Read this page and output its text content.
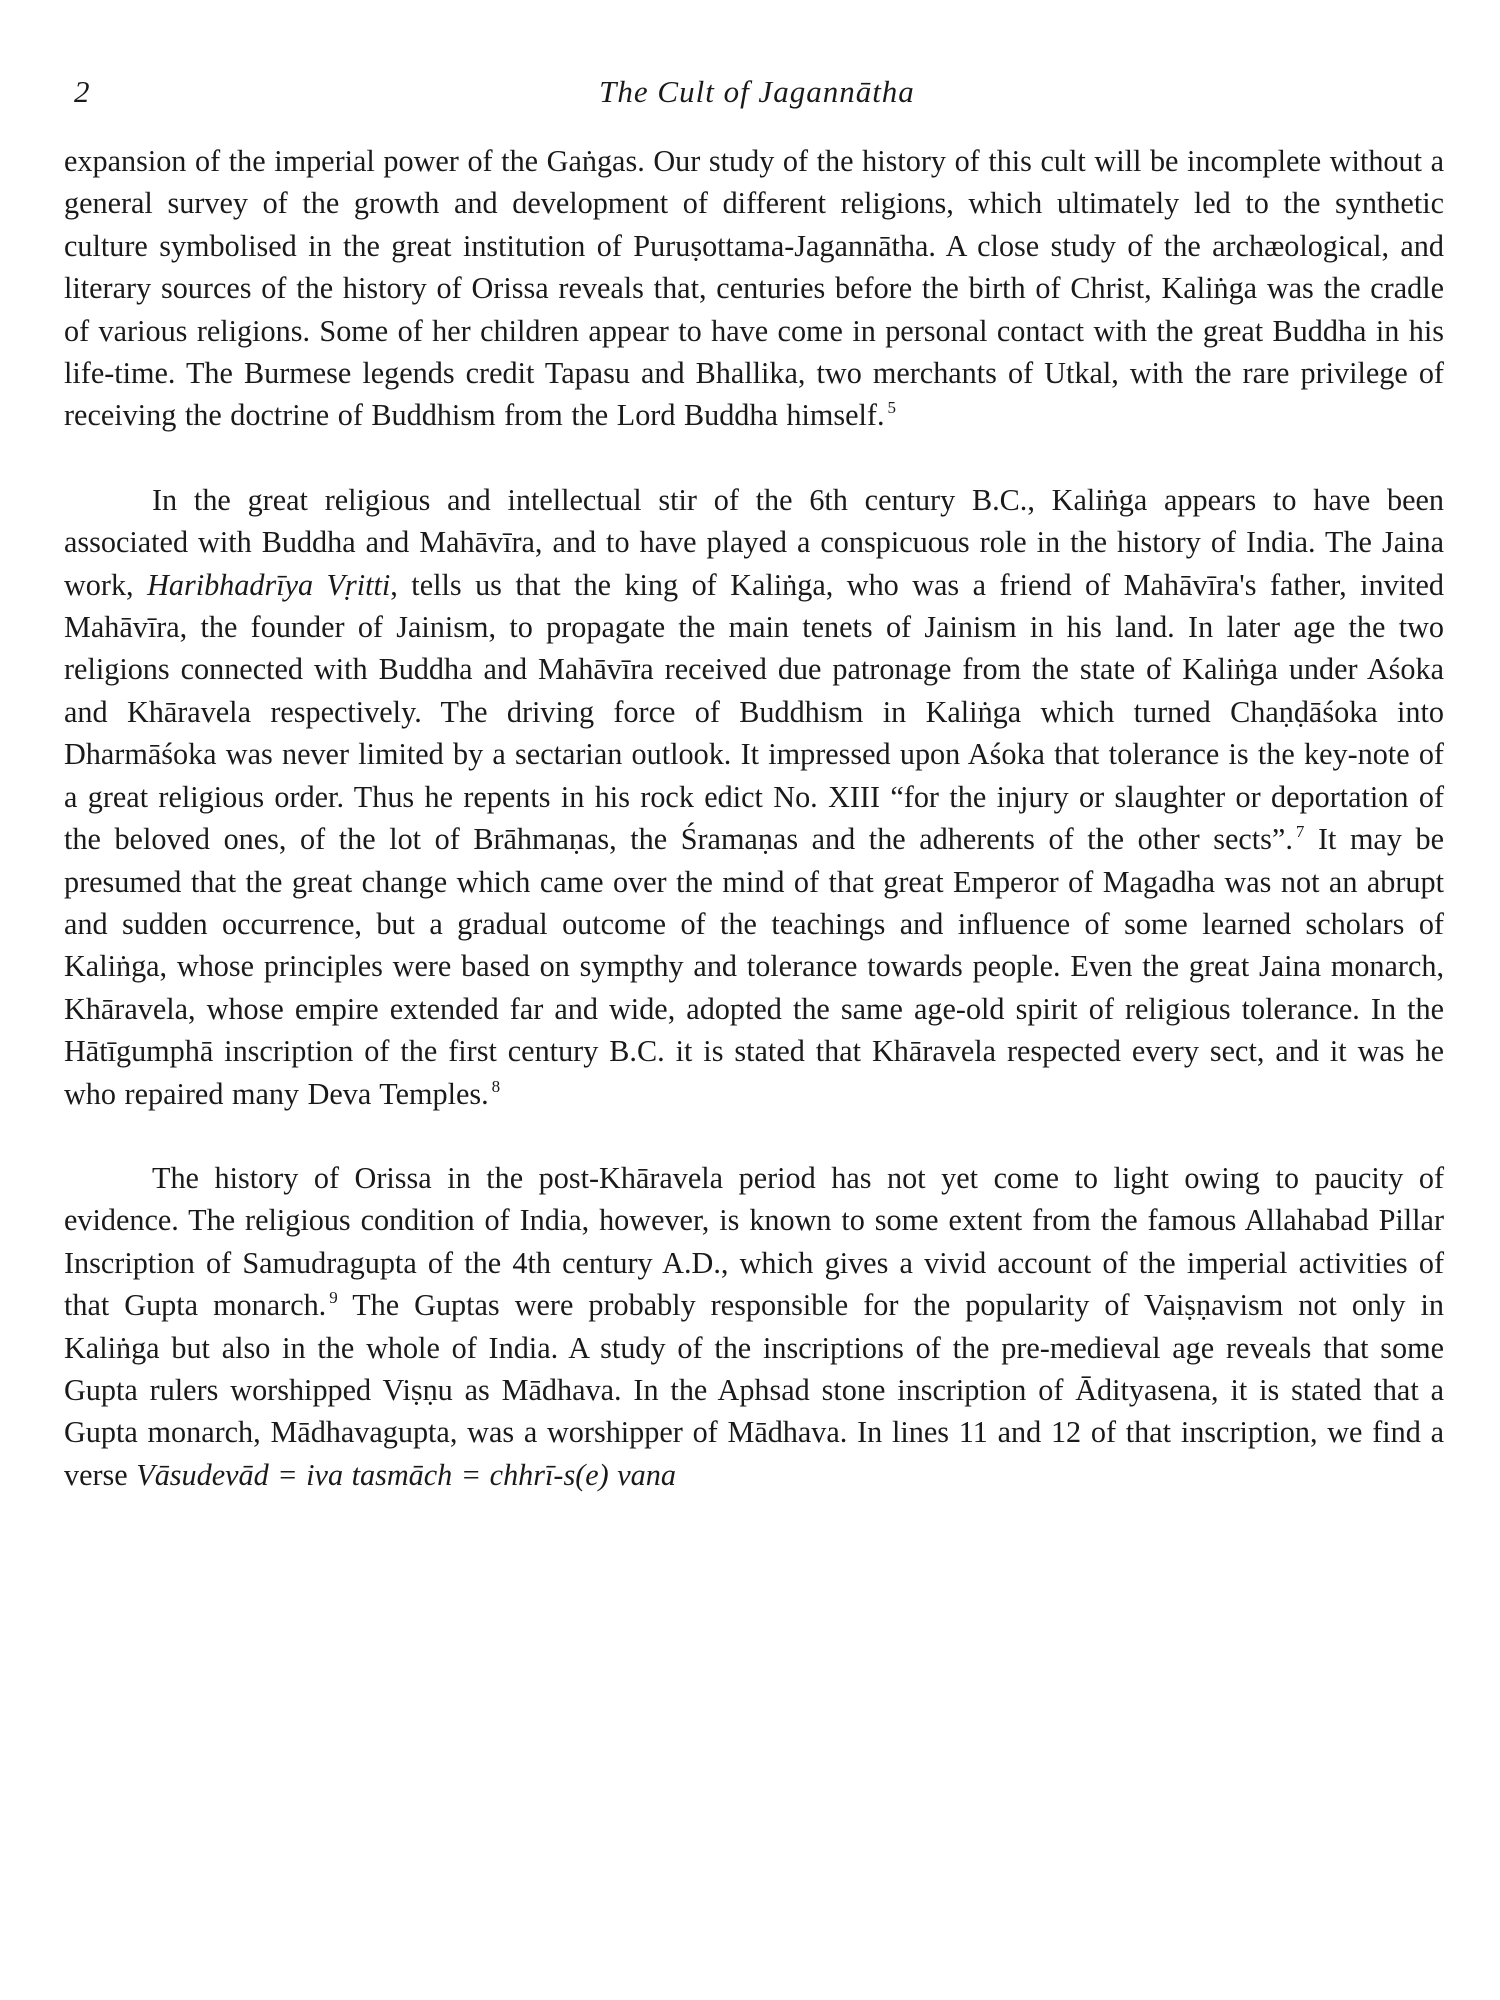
2	The Cult of Jagannātha

expansion of the imperial power of the Gaṅgas. Our study of the history of this cult will be incomplete without a general survey of the growth and development of different religions, which ultimately led to the synthetic culture symbolised in the great institution of Puruṣottama-Jagannātha. A close study of the archæological, and literary sources of the history of Orissa reveals that, centuries before the birth of Christ, Kaliṅga was the cradle of various religions. Some of her children appear to have come in personal contact with the great Buddha in his life-time. The Burmese legends credit Tapasu and Bhallika, two merchants of Utkal, with the rare privilege of receiving the doctrine of Buddhism from the Lord Buddha himself. $^5$

In the great religious and intellectual stir of the 6th century B.C., Kaliṅga appears to have been associated with Buddha and Mahāvīra, and to have played a conspicuous role in the history of India. The Jaina work, Haribhadrīya Vṛitti, tells us that the king of Kaliṅga, who was a friend of Mahāvīra's father, invited Mahāvīra, the founder of Jainism, to propagate the main tenets of Jainism in his land. In later age the two religions connected with Buddha and Mahāvīra received due patronage from the state of Kaliṅga under Aśoka and Khāravela respectively. The driving force of Buddhism in Kaliṅga which turned Chaṇḍāśoka into Dharmāśoka was never limited by a sectarian outlook. It impressed upon Aśoka that tolerance is the key-note of a great religious order. Thus he repents in his rock edict No. XIII “for the injury or slaughter or deportation of the beloved ones, of the lot of Brāhmaṇas, the Śramaṇas and the adherents of the other sects”. $^7$ It may be presumed that the great change which came over the mind of that great Emperor of Magadha was not an abrupt and sudden occurrence, but a gradual outcome of the teachings and influence of some learned scholars of Kaliṅga, whose principles were based on sympthy and tolerance towards people. Even the great Jaina monarch, Khāravela, whose empire extended far and wide, adopted the same age-old spirit of religious tolerance. In the Hātīgumphā inscription of the first century B.C. it is stated that Khāravela respected every sect, and it was he who repaired many Deva Temples. $^8$

The history of Orissa in the post-Khāravela period has not yet come to light owing to paucity of evidence. The religious condition of India, however, is known to some extent from the famous Allahabad Pillar Inscription of Samudragupta of the 4th century A.D., which gives a vivid account of the imperial activities of that Gupta monarch. $^9$ The Guptas were probably responsible for the popularity of Vaiṣṇavism not only in Kaliṅga but also in the whole of India. A study of the inscriptions of the pre-medieval age reveals that some Gupta rulers worshipped Viṣṇu as Mādhava. In the Aphsad stone inscription of Ādityasena, it is stated that a Gupta monarch, Mādhavagupta, was a worshipper of Mādhava. In lines 11 and 12 of that inscription, we find a verse Vāsudevād = iva tasmāch = chhrī-s(e) vana
